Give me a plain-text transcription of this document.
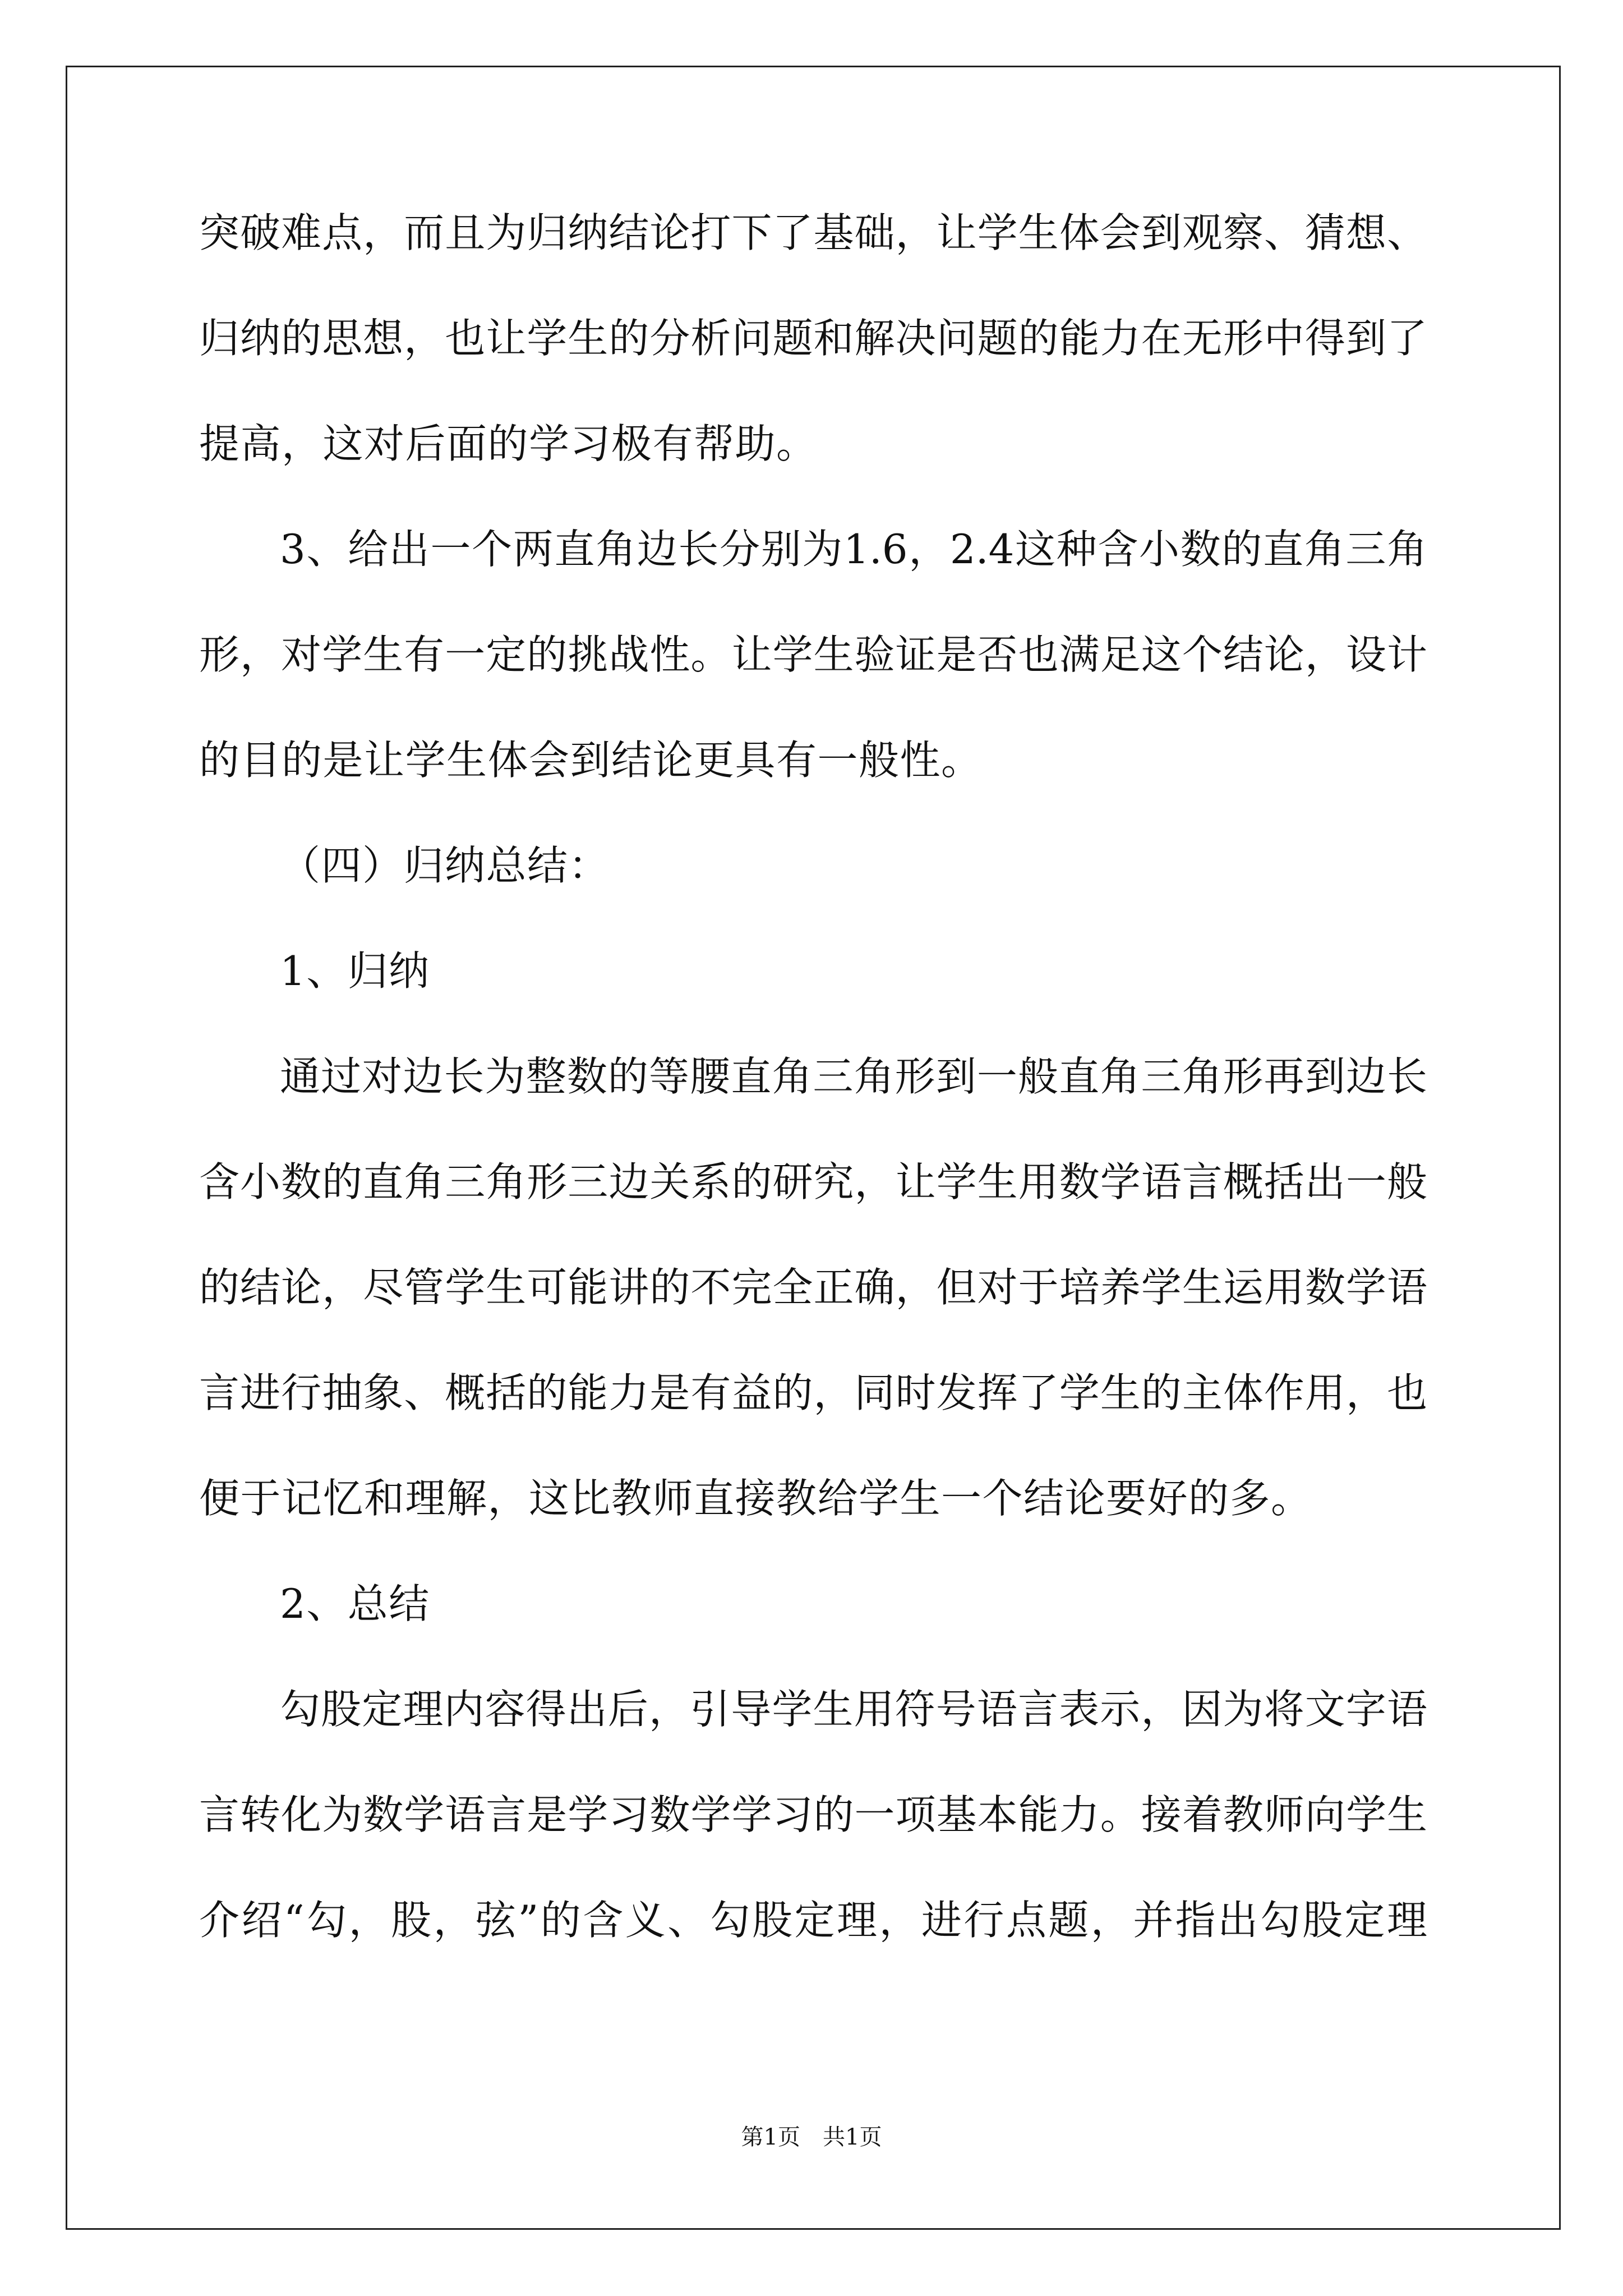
突破难点，而且为归纳结论打下了基础，让学生体会到观察、猜想、
归纳的思想，也让学生的分析问题和解决问题的能力在无形中得到了
提高，这对后面的学习极有帮助。
3、给出一个两直角边长分别为1.6，2.4这种含小数的直角三角
形，对学生有一定的挑战性。让学生验证是否也满足这个结论，设计
的目的是让学生体会到结论更具有一般性。
（四）归纳总结：
1、归纳
通过对边长为整数的等腰直角三角形到一般直角三角形再到边长
含小数的直角三角形三边关系的研究，让学生用数学语言概括出一般
的结论，尽管学生可能讲的不完全正确，但对于培养学生运用数学语
言进行抽象、概括的能力是有益的，同时发挥了学生的主体作用，也
便于记忆和理解，这比教师直接教给学生一个结论要好的多。
2、总结
勾股定理内容得出后，引导学生用符号语言表示，因为将文字语
言转化为数学语言是学习数学学习的一项基本能力。接着教师向学生
介绍“勾，股，弦”的含义、勾股定理，进行点题，并指出勾股定理
第1页　共1页
